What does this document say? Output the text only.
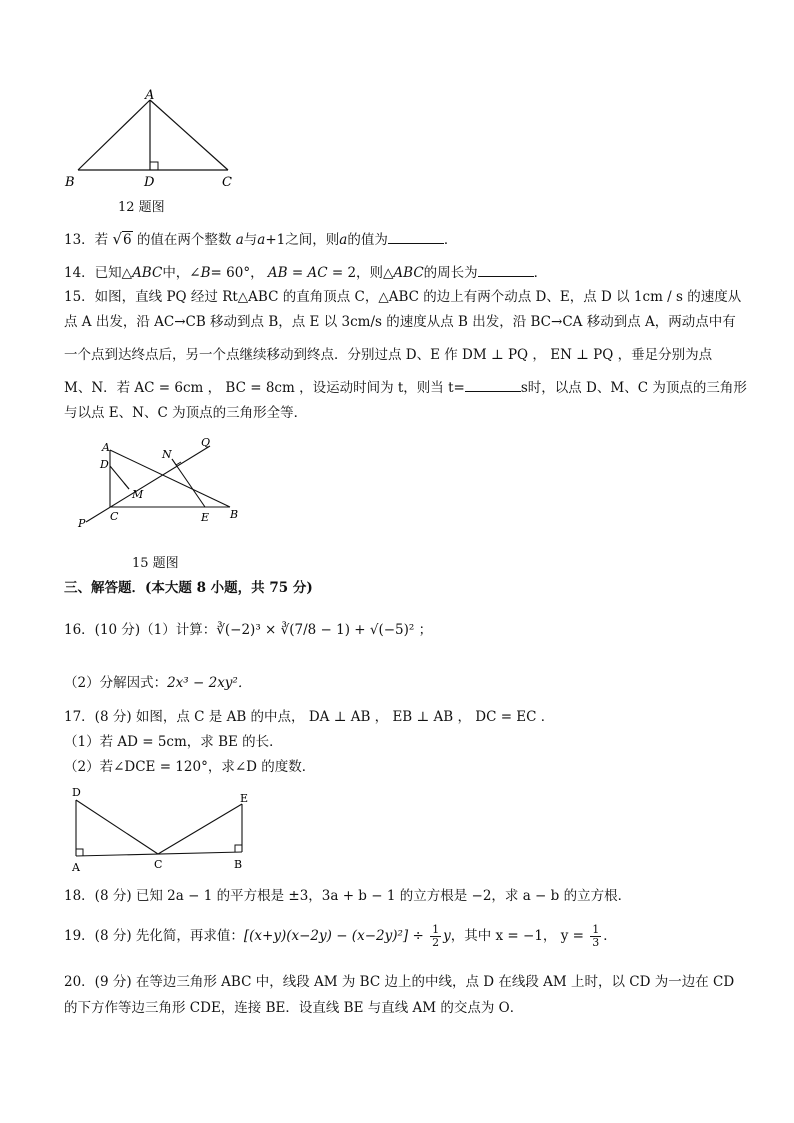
A
B	D	C
12 题图
13．若 √6 的值在两个整数 a与a+1之间，则a的值为	．
14．已知△ABC中，∠B= 60°， AB = AC = 2，则△ABC的周长为	．
15．如图，直线 PQ 经过 Rt△ABC 的直角顶点 C，△ABC 的边上有两个动点 D、E，点 D 以 1cm / s 的速度从
点 A 出发，沿 AC→CB 移动到点 B，点 E 以 3cm/s 的速度从点 B 出发，沿 BC→CA 移动到点 A，两动点中有
一个点到达终点后，另一个点继续移动到终点．分别过点 D、E 作 DM ⊥ PQ ， EN ⊥ PQ ，垂足分别为点
M、N．若 AC = 6cm ， BC = 8cm ，设运动时间为 t，则当 t=	s时，以点 D、M、C 为顶点的三角形
与以点 E、N、C 为顶点的三角形全等．
A
D
M
C
P
N
Q
E B
15 题图
三、解答题．(本大题 8 小题，共 75 分)
16．(10 分)（1）计算：∛(−2)³ × ∛(7/8 − 1) + √(−5)² ；
（2）分解因式：2x³ − 2xy²．
17．(8 分) 如图，点 C 是 AB 的中点， DA ⊥ AB ， EB ⊥ AB ， DC = EC ．
（1）若 AD = 5cm，求 BE 的长．
（2）若∠DCE = 120°，求∠D 的度数．
D
A	C
E
B
18．(8 分) 已知 2a − 1 的平方根是 ±3，3a + b − 1 的立方根是 −2，求 a − b 的立方根．
19．(8 分) 先化简，再求值：$[(x+y)(x-2y) - (x-2y)^2] \div \frac{1}{2}$ y，其中 x = −1， $y = \frac{1}{3}$ ．
20．(9 分) 在等边三角形 ABC 中，线段 AM 为 BC 边上的中线，点 D 在线段 AM 上时，以 CD 为一边在 CD
的下方作等边三角形 CDE，连接 BE．设直线 BE 与直线 AM 的交点为 O．
